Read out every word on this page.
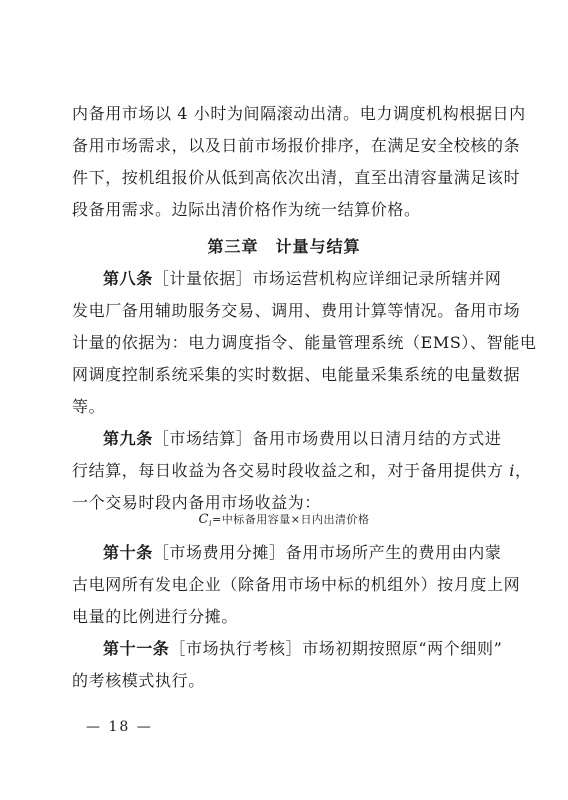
内备用市场以 4 小时为间隔滚动出清。电力调度机构根据日内
备用市场需求，以及日前市场报价排序，在满足安全校核的条
件下，按机组报价从低到高依次出清，直至出清容量满足该时
段备用需求。边际出清价格作为统一结算价格。
第三章　计量与结算
第八条［计量依据］市场运营机构应详细记录所辖并网
发电厂备用辅助服务交易、调用、费用计算等情况。备用市场
计量的依据为：电力调度指令、能量管理系统（EMS）、智能电
网调度控制系统采集的实时数据、电能量采集系统的电量数据
等。
第九条［市场结算］备用市场费用以日清月结的方式进
行结算，每日收益为各交易时段收益之和，对于备用提供方 i，
一个交易时段内备用市场收益为：
$C_i=$中标备用容量×日内出清价格
第十条［市场费用分摊］备用市场所产生的费用由内蒙
古电网所有发电企业（除备用市场中标的机组外）按月度上网
电量的比例进行分摊。
第十一条［市场执行考核］市场初期按照原“两个细则”
的考核模式执行。
— 18 —
